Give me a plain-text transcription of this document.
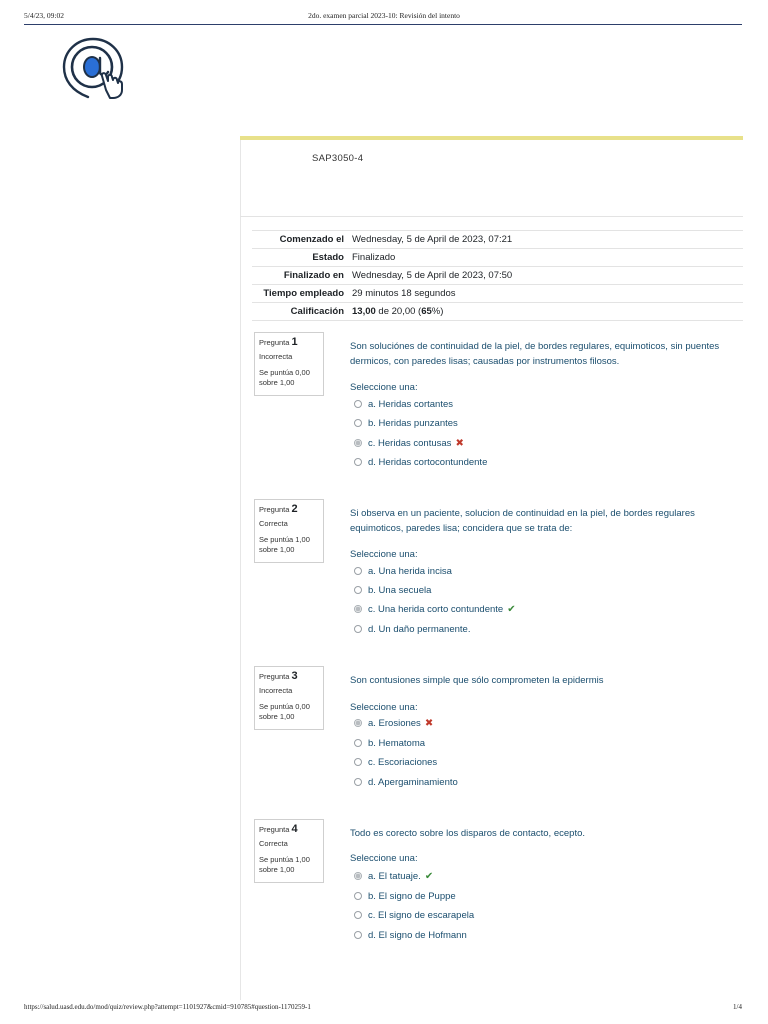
5/4/23, 09:02	2do. examen parcial 2023-10: Revisión del intento
SAP3050-4
Comenzado el	Wednesday, 5 de April de 2023, 07:21
Estado	Finalizado
Finalizado en	Wednesday, 5 de April de 2023, 07:50
Tiempo empleado	29 minutos 18 segundos
Calificación	13,00 de 20,00 (65%)
Pregunta 1
Incorrecta
Se puntúa 0,00 sobre 1,00
Son soluciónes de continuidad de la piel, de bordes regulares, equimoticos, sin puentes dermicos, con paredes lisas; causadas por instrumentos filosos.
Seleccione una:
a. Heridas cortantes
b. Heridas punzantes
c. Heridas contusas ✖
d. Heridas cortocontundente
Pregunta 2
Correcta
Se puntúa 1,00 sobre 1,00
Si observa en un paciente, solucion de continuidad en la piel, de bordes regulares equimoticos, paredes lisa; concidera que se trata de:
Seleccione una:
a. Una herida incisa
b. Una secuela
c. Una herida corto contundente ✔
d. Un daño permanente.
Pregunta 3
Incorrecta
Se puntúa 0,00 sobre 1,00
Son contusiones simple que sólo comprometen la epidermis
Seleccione una:
a. Erosiones ✖
b. Hematoma
c. Escoriaciones
d. Apergaminamiento
Pregunta 4
Correcta
Se puntúa 1,00 sobre 1,00
Todo es corecto sobre los disparos de contacto, ecepto.
Seleccione una:
a. El tatuaje. ✔
b. El signo de Puppe
c. El signo de escarapela
d. El signo de Hofmann
https://salud.uasd.edu.do/mod/quiz/review.php?attempt=1101927&cmid=910785#question-1170259-1	1/4
